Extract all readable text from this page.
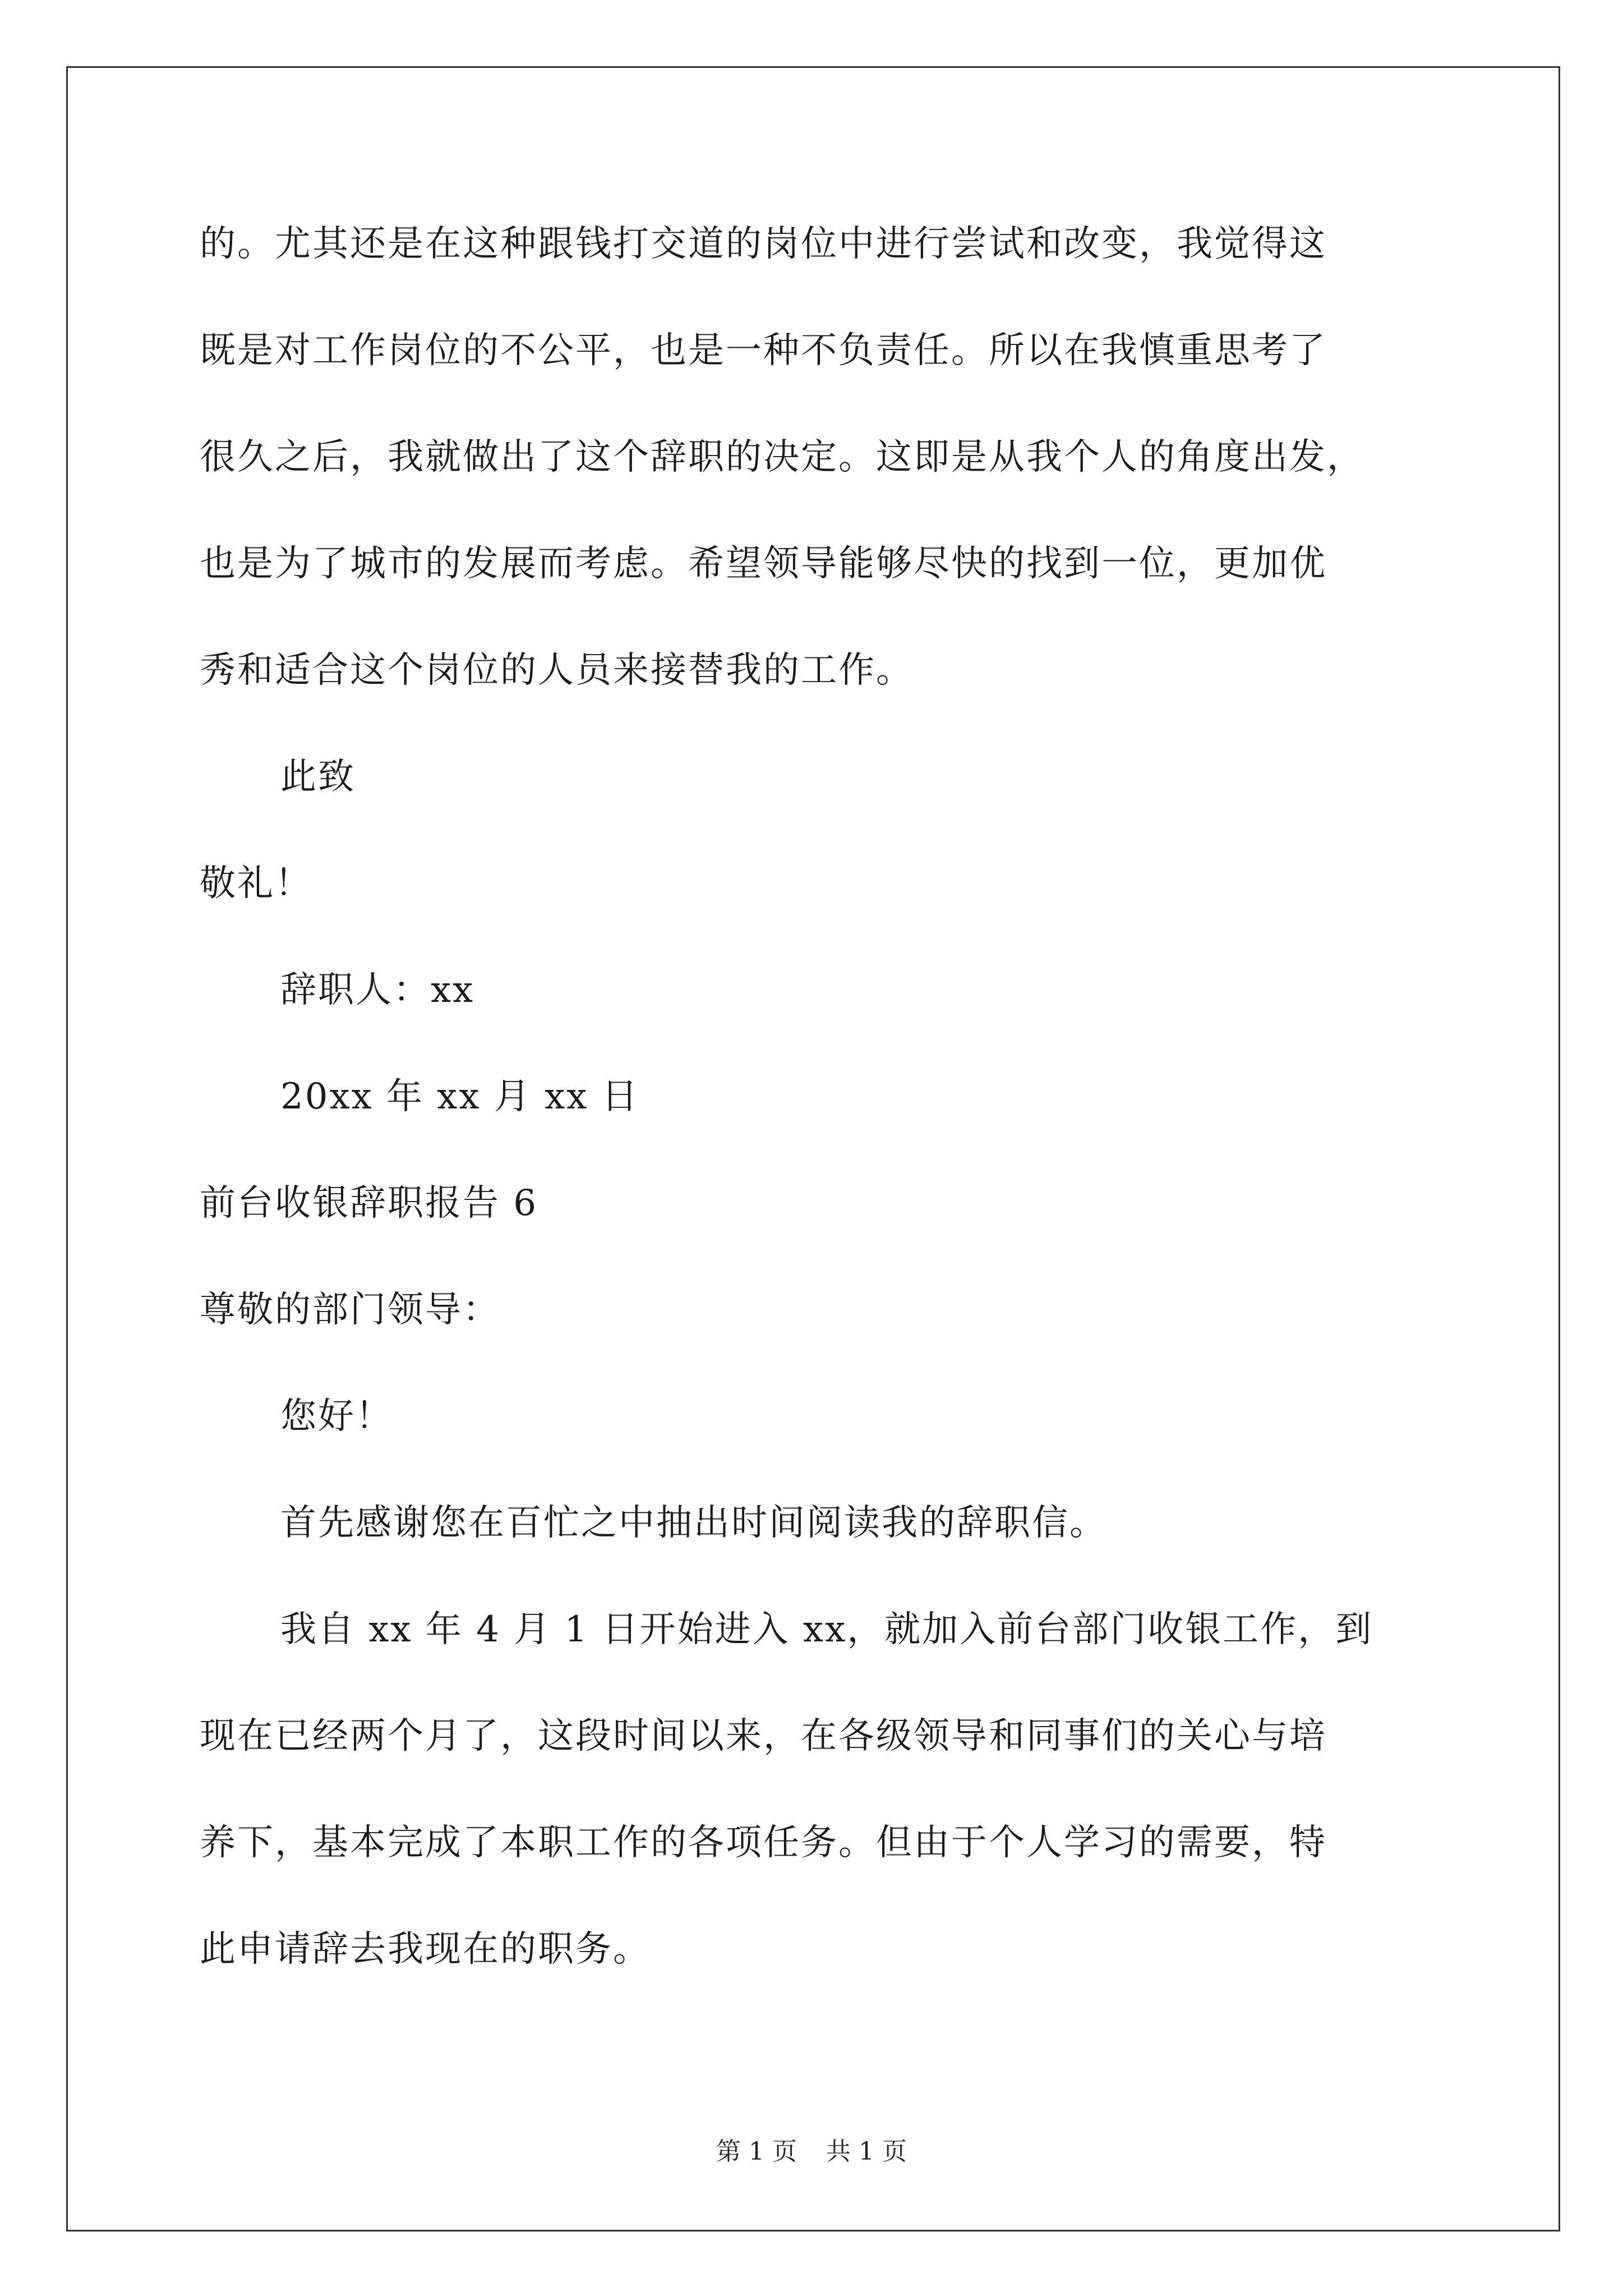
的。尤其还是在这种跟钱打交道的岗位中进行尝试和改变，我觉得这
既是对工作岗位的不公平，也是一种不负责任。所以在我慎重思考了
很久之后，我就做出了这个辞职的决定。这即是从我个人的角度出发，
也是为了城市的发展而考虑。希望领导能够尽快的找到一位，更加优
秀和适合这个岗位的人员来接替我的工作。
此致
敬礼！
辞职人：xx
20xx 年 xx 月 xx 日
前台收银辞职报告 6
尊敬的部门领导：
您好！
首先感谢您在百忙之中抽出时间阅读我的辞职信。
我自 xx 年 4 月 1 日开始进入 xx，就加入前台部门收银工作，到
现在已经两个月了，这段时间以来，在各级领导和同事们的关心与培
养下，基本完成了本职工作的各项任务。但由于个人学习的需要，特
此申请辞去我现在的职务。
第 1 页 共 1 页
